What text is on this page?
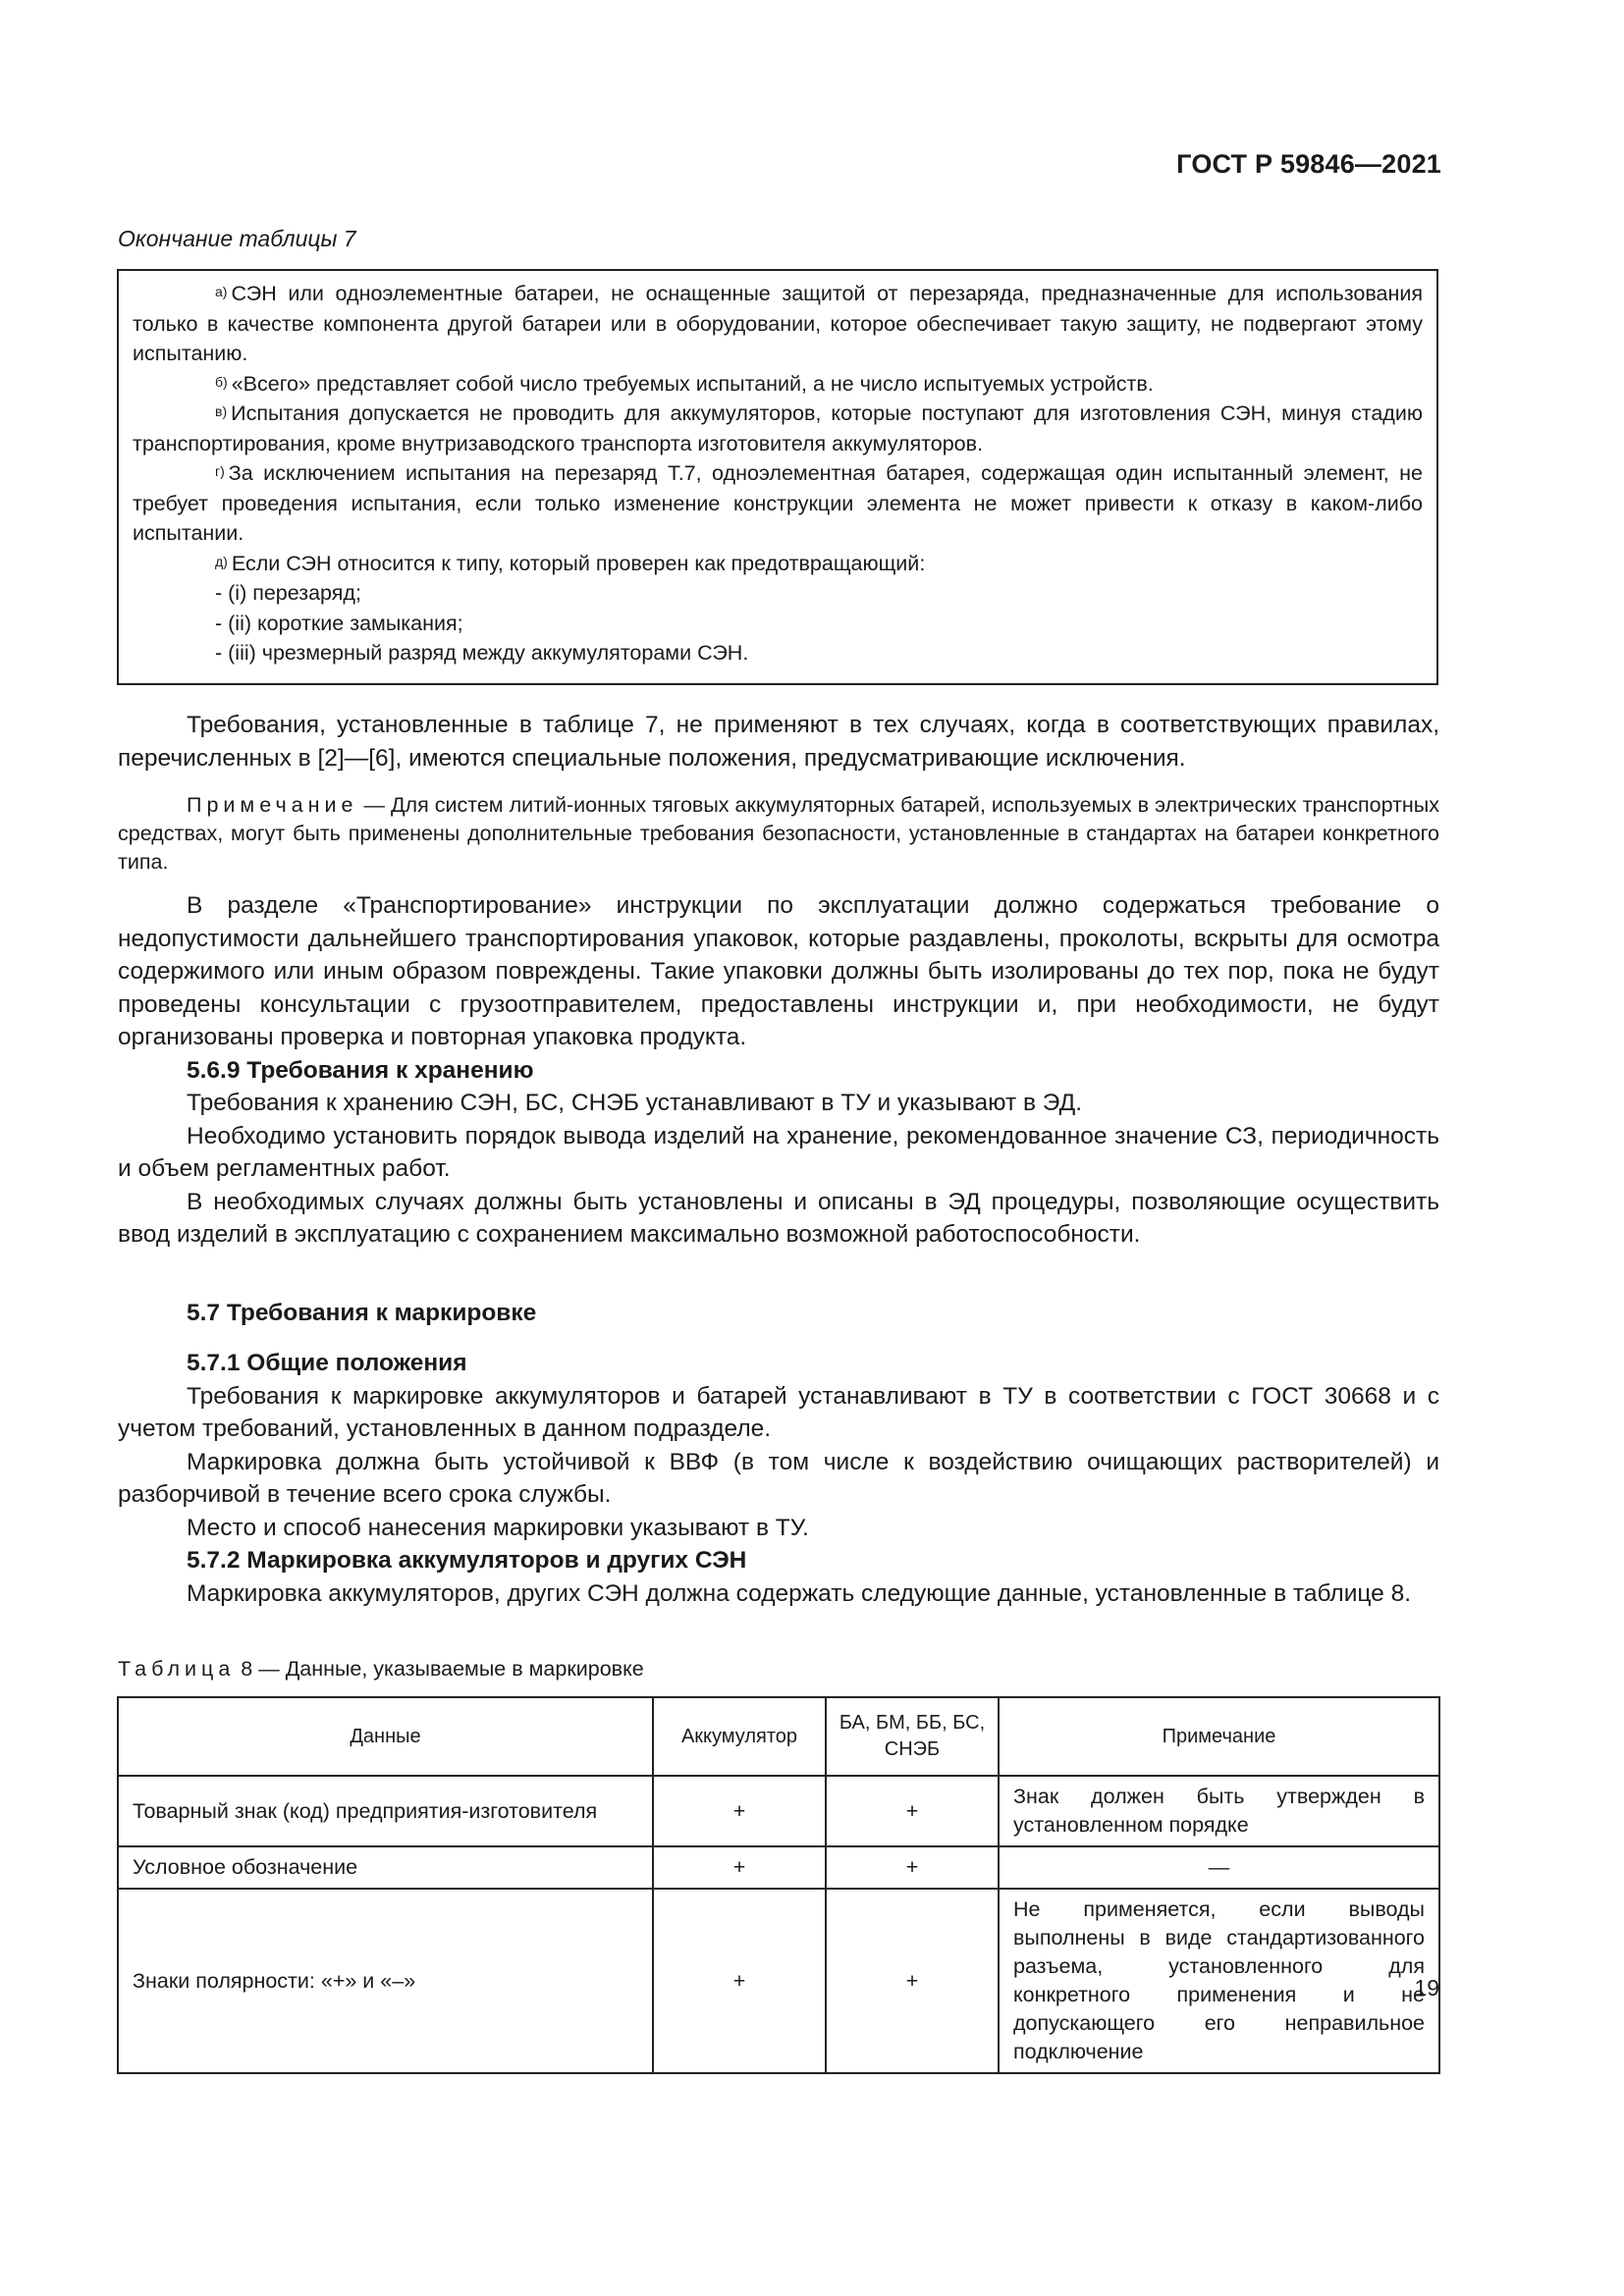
ГОСТ Р 59846—2021
Окончание таблицы 7

$^{а)}$ СЭН или одноэлементные батареи, не оснащенные защитой от перезаряда, предназначенные для использования только в качестве компонента другой батареи или в оборудовании, которое обеспечивает такую защиту, не подвергают этому испытанию.

$^{б)}$ «Всего» представляет собой число требуемых испытаний, а не число испытуемых устройств.

$^{в)}$ Испытания допускается не проводить для аккумуляторов, которые поступают для изготовления СЭН, минуя стадию транспортирования, кроме внутризаводского транспорта изготовителя аккумуляторов.

$^{г)}$ За исключением испытания на перезаряд Т.7, одноэлементная батарея, содержащая один испытанный элемент, не требует проведения испытания, если только изменение конструкции элемента не может привести к отказу в каком-либо испытании.

$^{д)}$ Если СЭН относится к типу, который проверен как предотвращающий:

- (i) перезаряд;

- (ii) короткие замыкания;

- (iii) чрезмерный разряд между аккумуляторами СЭН.

Требования, установленные в таблице 7, не применяют в тех случаях, когда в соответствующих правилах, перечисленных в [2]—[6], имеются специальные положения, предусматривающие исключения.

Примечание — Для систем литий-ионных тяговых аккумуляторных батарей, используемых в электрических транспортных средствах, могут быть применены дополнительные требования безопасности, установленные в стандартах на батареи конкретного типа.

В разделе «Транспортирование» инструкции по эксплуатации должно содержаться требование о недопустимости дальнейшего транспортирования упаковок, которые раздавлены, проколоты, вскрыты для осмотра содержимого или иным образом повреждены. Такие упаковки должны быть изолированы до тех пор, пока не будут проведены консультации с грузоотправителем, предоставлены инструкции и, при необходимости, не будут организованы проверка и повторная упаковка продукта.

5.6.9 Требования к хранению

Требования к хранению СЭН, БС, СНЭБ устанавливают в ТУ и указывают в ЭД.

Необходимо установить порядок вывода изделий на хранение, рекомендованное значение СЗ, периодичность и объем регламентных работ.

В необходимых случаях должны быть установлены и описаны в ЭД процедуры, позволяющие осуществить ввод изделий в эксплуатацию с сохранением максимально возможной работоспособности.

5.7 Требования к маркировке

5.7.1 Общие положения

Требования к маркировке аккумуляторов и батарей устанавливают в ТУ в соответствии с ГОСТ 30668 и с учетом требований, установленных в данном подразделе.

Маркировка должна быть устойчивой к ВВФ (в том числе к воздействию очищающих растворителей) и разборчивой в течение всего срока службы.

Место и способ нанесения маркировки указывают в ТУ.

5.7.2 Маркировка аккумуляторов и других СЭН

Маркировка аккумуляторов, других СЭН должна содержать следующие данные, установленные в таблице 8.

Таблица 8 — Данные, указываемые в маркировке
Данные	Аккумулятор	БА, БМ, ББ, БС, СНЭБ	Примечание
Товарный знак (код) предприятия-изготовителя	+	+	Знак должен быть утвержден в установленном порядке
Условное обозначение	+	+	—
Знаки полярности: «+» и «–»	+	+	Не применяется, если выводы выполнены в виде стандартизованного разъема, установленного для конкретного применения и не допускающего его неправильное подключение
19
